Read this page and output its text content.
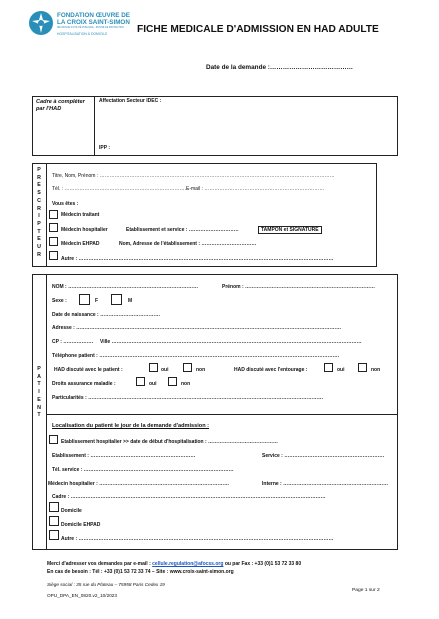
FONDATION ŒUVRE DE
LA CROIX SAINT-SIMON
RECONNUE D'UTILITÉ PUBLIQUE · ŒUVRE DE PROTECTION
HOSPITALISATION À DOMICILE	FICHE MEDICALE D'ADMISSION EN HAD ADULTE
Date de la demande :…………………………………
Cadre à compléter par l'HAD
Affectation Secteur IDEC :
IPP :
P
R
E
S
C
R
I
P
T
E
U
R
Titre, Nom, Prénom : ……………………………………………………………………………………………………………………………
Tél. : …………………………………………………………………
E-mail : ………………………………………………………………
Vous êtes :
Médecin traitant
Médecin hospitalier	Etablissement et service : …………………………	TAMPON et SIGNATURE
Médecin EHPAD	Nom, Adresse de l'établissement : ……………………………
Autre : ………………………………………………………………………………………………………………………………………
P
A
T
I
E
N
T
NOM : ……………………………………………………………………	Prénom : ……………………………………………………………………
Sexe :	F	M
Date de naissance : ………………………………
Adresse : ……………………………………………………………………………………………………………………………………………
CP : ……………… Ville ……………………………………………………………………………………………………………………………………
Téléphone patient : ………………………………………………………………………………………………………………………………
HAD discuté avec le patient :	oui	non	HAD discuté avec l'entourage :	oui	non
Droits assurance maladie :	oui	non
Particularités : ……………………………………………………………………………………………………………………………
Localisation du patient le jour de la demande d'admission :
Etablissement hospitalier >> date de début d'hospitalisation : ……………………………………
Etablissement : ………………………………………………………	Service : ……………………………………………………
Tél. service : ………………………………………………………………………………
Médecin hospitalier : ……………………………………………………………………	Interne : ………………………………………………………
Cadre : ………………………………………………………………………………………………………………………………………
Domicile
Domicile EHPAD
Autre : ………………………………………………………………………………………………………………………………………
Merci d'adresser vos demandes par e-mail : cellule.regulation@afocss.org ou par Fax : +33 (0)1 53 72 33 80
En cas de besoin : Tél : +33 (0)1 53 72 33 74 – Site : www.croix-saint-simon.org
Siège social : 35 rue du Plateau – 75958 Paris Cedex 19
OPU_DPA_EN_0820.v2_10/2023
Page 1 sur 2
